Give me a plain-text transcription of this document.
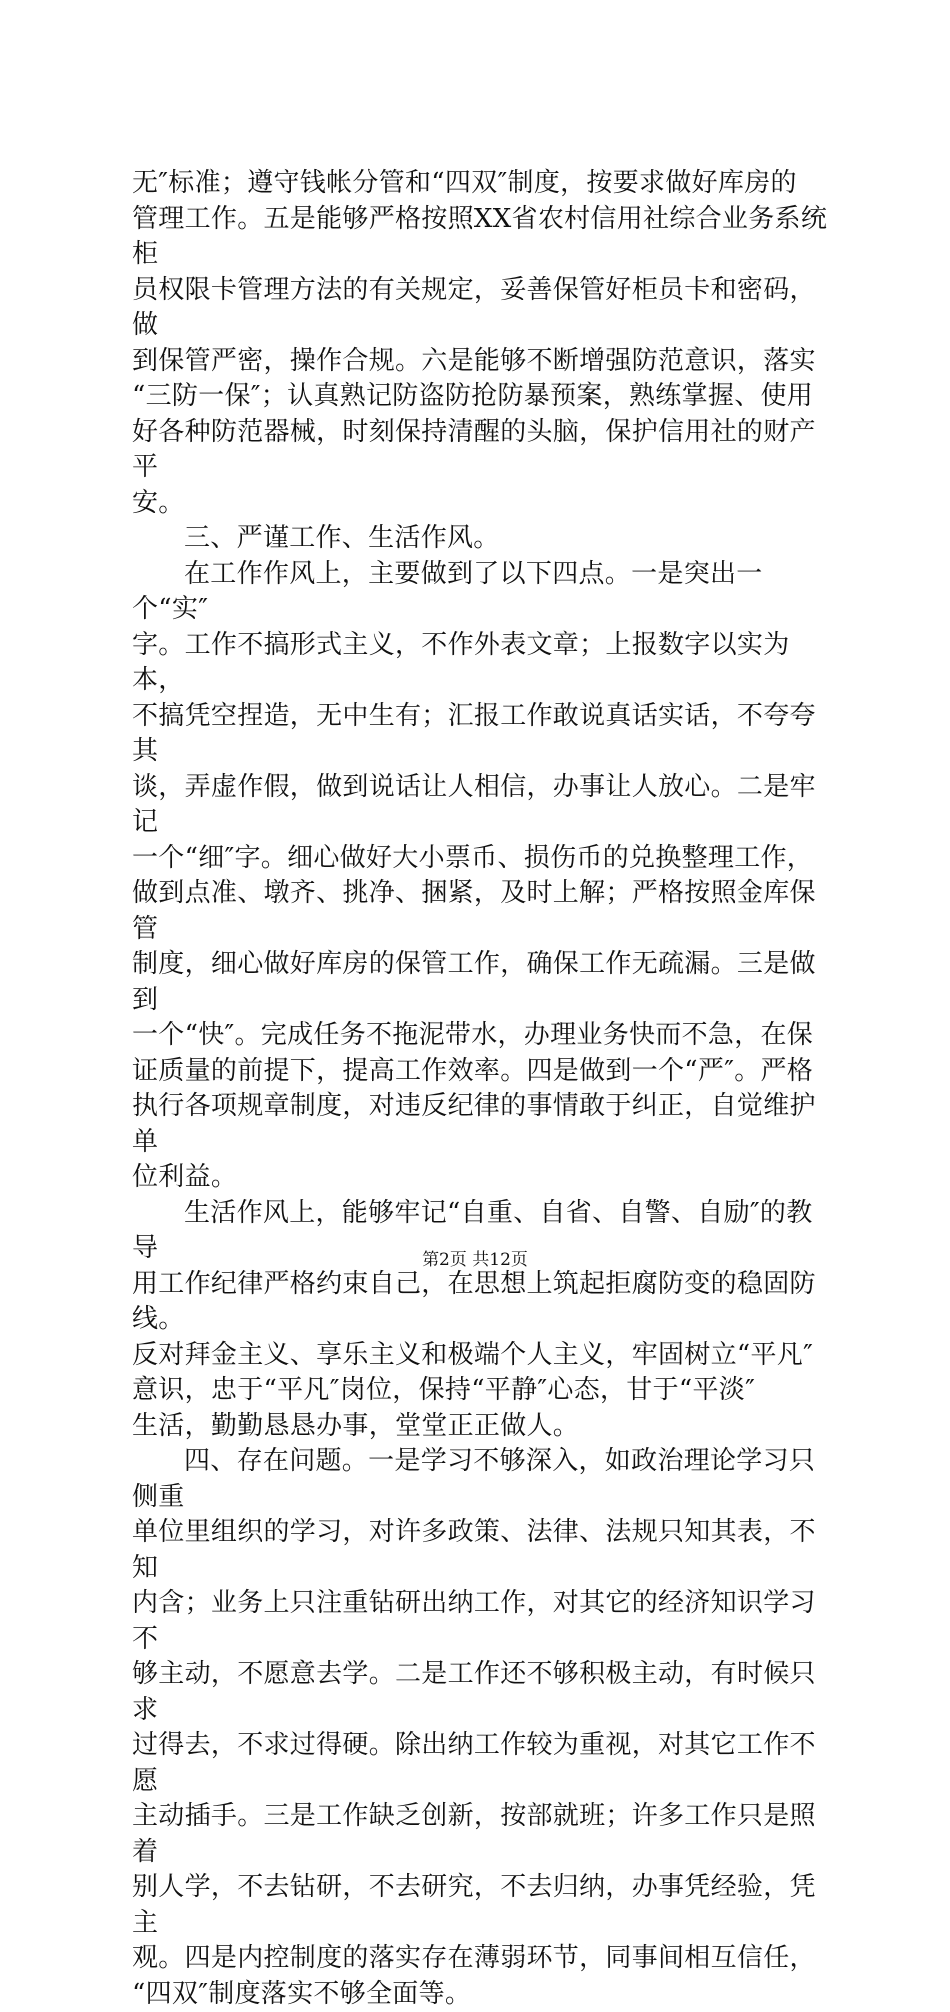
无″标准；遵守钱帐分管和“四双″制度，按要求做好库房的
管理工作。五是能够严格按照XX省农村信用社综合业务系统柜
员权限卡管理方法的有关规定，妥善保管好柜员卡和密码，做
到保管严密，操作合规。六是能够不断增强防范意识，落实
“三防一保″；认真熟记防盗防抢防暴预案，熟练掌握、使用
好各种防范器械，时刻保持清醒的头脑，保护信用社的财产平
安。

三、严谨工作、生活作风。

在工作作风上，主要做到了以下四点。一是突出一个“实″
字。工作不搞形式主义，不作外表文章；上报数字以实为本，
不搞凭空捏造，无中生有；汇报工作敢说真话实话，不夸夸其
谈，弄虚作假，做到说话让人相信，办事让人放心。二是牢记
一个“细″字。细心做好大小票币、损伤币的兑换整理工作，
做到点准、墩齐、挑净、捆紧，及时上解；严格按照金库保管
制度，细心做好库房的保管工作，确保工作无疏漏。三是做到
一个“快″。完成任务不拖泥带水，办理业务快而不急，在保
证质量的前提下，提高工作效率。四是做到一个“严″。严格
执行各项规章制度，对违反纪律的事情敢于纠正，自觉维护单
位利益。

生活作风上，能够牢记“自重、自省、自警、自励″的教导
用工作纪律严格约束自己，在思想上筑起拒腐防变的稳固防线。
反对拜金主义、享乐主义和极端个人主义，牢固树立“平凡″
意识，忠于“平凡″岗位，保持“平静″心态，甘于“平淡″
生活，勤勤恳恳办事，堂堂正正做人。

四、存在问题。一是学习不够深入，如政治理论学习只侧重
单位里组织的学习，对许多政策、法律、法规只知其表，不知
内含；业务上只注重钻研出纳工作，对其它的经济知识学习不
够主动，不愿意去学。二是工作还不够积极主动，有时候只求
过得去，不求过得硬。除出纳工作较为重视，对其它工作不愿
主动插手。三是工作缺乏创新，按部就班；许多工作只是照着
别人学，不去钻研，不去研究，不去归纳，办事凭经验，凭主
观。四是内控制度的落实存在薄弱环节，同事间相互信任，
“四双″制度落实不够全面等。

第2页 共12页
